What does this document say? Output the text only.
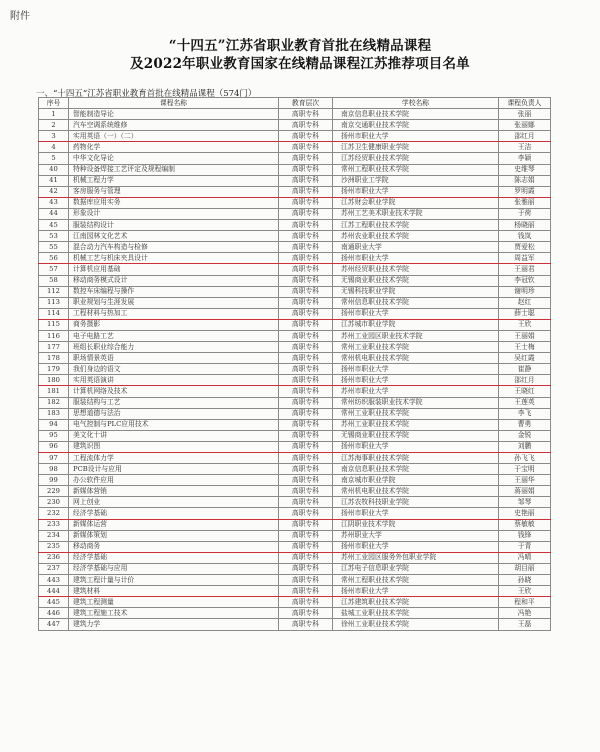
附件
“十四五”江苏省职业教育首批在线精品课程
及2022年职业教育国家在线精品课程江苏推荐项目名单
一、“十四五”江苏省职业教育首批在线精品课程（574门）
序号	课程名称	教育层次	学校名称	课程负责人
1	智能制造导论	高职专科	南京信息职业技术学院	张丽
2	汽车空调系统维修	高职专科	南京交通职业技术学院	张丽娜
3	实用英语（一）（二）	高职专科	扬州市职业大学	邵红月
4	药物化学	高职专科	江苏卫生健康职业学院	王洁
5	中华文化导论	高职专科	江苏经贸职业技术学院	李颖
40	特种设备焊接工艺评定及规程编制	高职专科	常州工程职业技术学院	史维琴
41	机械工程力学	高职专科	沙洲职业工学院	陈志娟
42	客房服务与管理	高职专科	扬州市职业大学	罗明霞
43	数据库应用实务	高职专科	江苏财会职业学院	张雅丽
44	形象设计	高职专科	苏州工艺美术职业技术学院	于荷
45	服装结构设计	高职专科	江苏工程职业技术学院	杨晓丽
53	江南园林文化艺术	高职专科	苏州农业职业技术学院	钱岚
55	混合动力汽车构造与检修	高职专科	南通职业大学	贾爱松
56	机械工艺与机床夹具设计	高职专科	扬州市职业大学	周益军
57	计算机应用基础	高职专科	苏州经贸职业技术学院	王丽君
58	移动商务模式设计	高职专科	无锡商业职业技术学院	李冠钦
112	数控车床编程与操作	高职专科	无锡科技职业学院	谢明珍
113	职业规划与生涯发展	高职专科	常州信息职业技术学院	赵红
114	工程材料与热加工	高职专科	扬州市职业大学	薛士聪
115	商务摄影	高职专科	江苏城市职业学院	王欣
116	电子电路工艺	高职专科	苏州工业园区职业技术学院	王丽娟
177	班组长职业综合能力	高职专科	常州工业职业技术学院	王士梅
178	职场情景英语	高职专科	常州机电职业技术学院	吴红霞
179	我们身边的语文	高职专科	扬州市职业大学	崔静
180	实用英语演讲	高职专科	扬州市职业大学	邵红月
181	计算机网络及技术	高职专科	苏州市职业大学	王晓红
182	服装结构与工艺	高职专科	常州纺织服装职业技术学院	王莲英
183	思想道德与法治	高职专科	常州工业职业技术学院	李飞
94	电气控制与PLC应用技术	高职专科	苏州工业职业技术学院	曹勇
95	美文化十讲	高职专科	无锡商业职业技术学院	金锐
96	建筑识图	高职专科	扬州市职业大学	刘鹏
97	工程流体力学	高职专科	江苏海事职业技术学院	孙飞飞
98	PCB设计与应用	高职专科	南京信息职业技术学院	于宝明
99	办公软件应用	高职专科	南京城市职业学院	王丽华
229	新媒体营销	高职专科	常州机电职业技术学院	蒋丽娟
230	网上创业	高职专科	江苏农牧科技职业学院	邹琴
232	经济学基础	高职专科	扬州市职业大学	史艳丽
233	新媒体运营	高职专科	江阴职业技术学院	蔡敏敏
234	新媒体策划	高职专科	苏州职业大学	钱锋
235	移动商务	高职专科	扬州市职业大学	于青
236	经济学基础	高职专科	苏州工业园区服务外包职业学院	冯晴
237	经济学基础与应用	高职专科	江苏电子信息职业学院	胡目丽
443	建筑工程计量与计价	高职专科	常州工程职业技术学院	孙晓
444	建筑材料	高职专科	扬州市职业大学	王欣
445	建筑工程测量	高职专科	江苏建筑职业技术学院	程和平
446	建筑工程施工技术	高职专科	盐城工业职业技术学院	冯艳
447	建筑力学	高职专科	徐州工业职业技术学院	王磊
